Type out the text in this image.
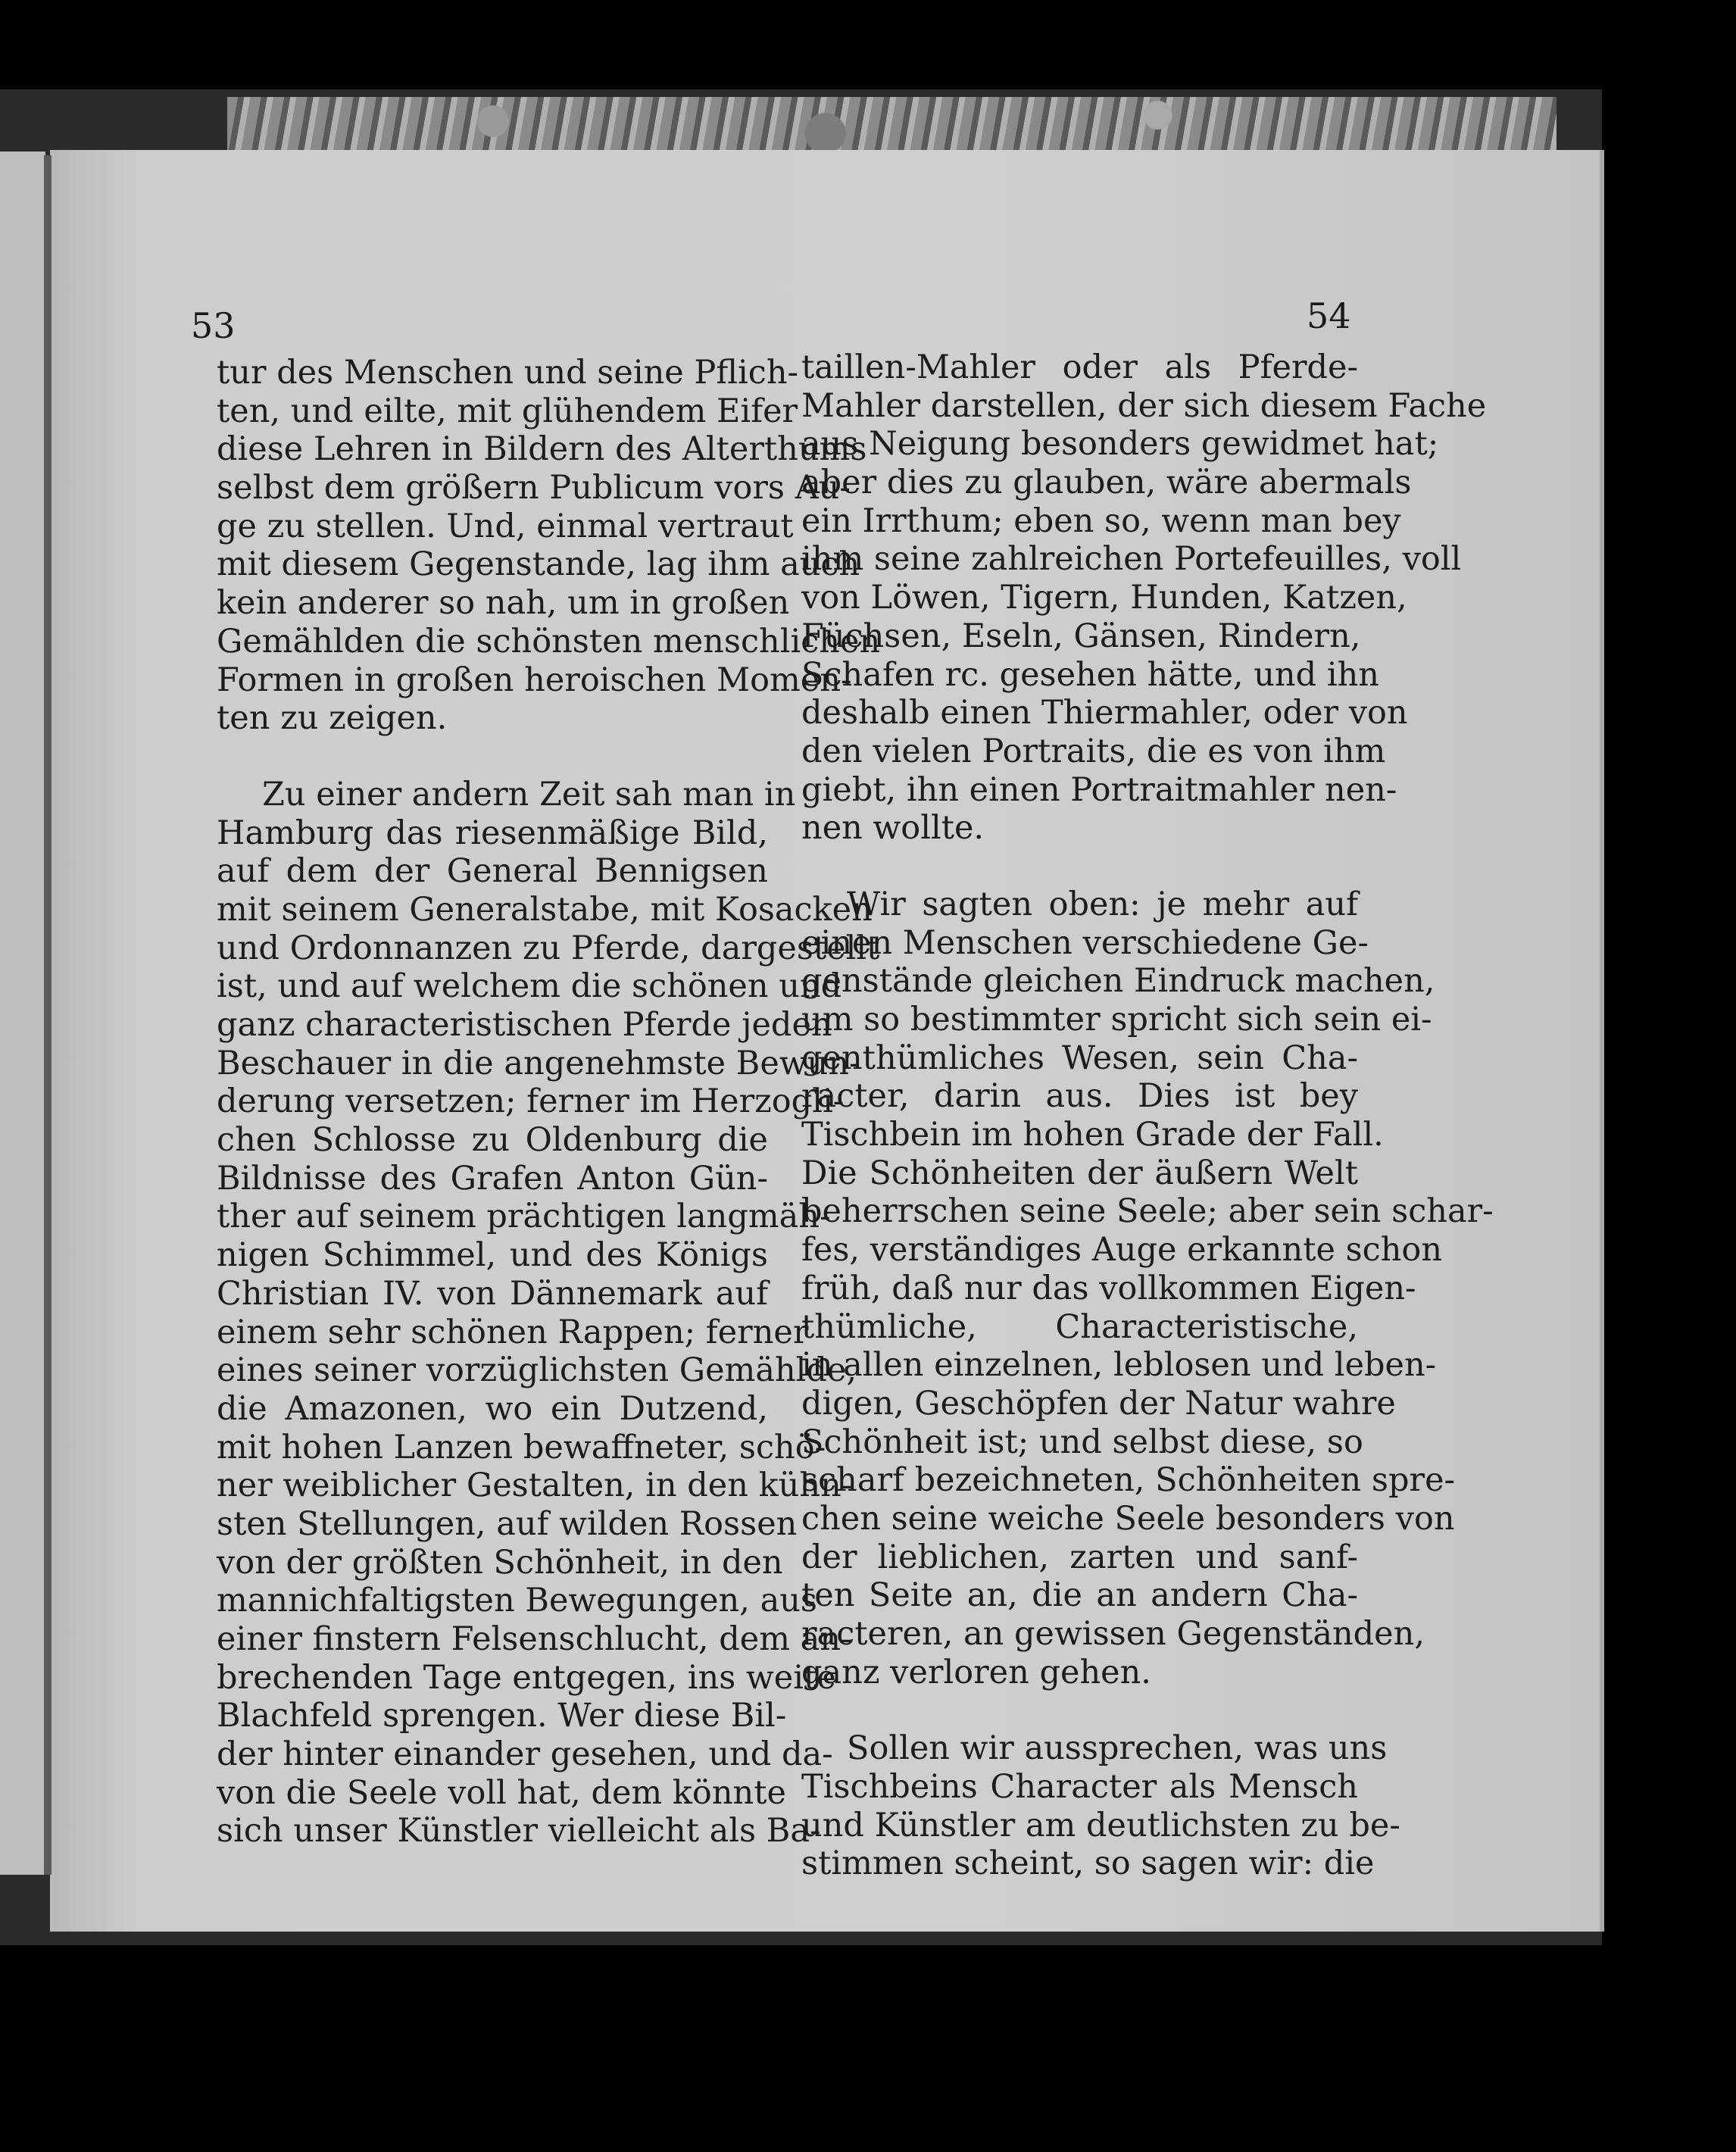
53	54
tur des Menschen und seine Pflich-
ten, und eilte, mit glühendem Eifer
diese Lehren in Bildern des Alterthums
selbst dem größern Publicum vors Au-
ge zu stellen. Und, einmal vertraut
mit diesem Gegenstande, lag ihm auch
kein anderer so nah, um in großen
Gemählden die schönsten menschlichen
Formen in großen heroischen Momen-
ten zu zeigen.
Zu einer andern Zeit sah man in
Hamburg das riesenmäßige Bild,
auf dem der General Bennigsen
mit seinem Generalstabe, mit Kosacken
und Ordonnanzen zu Pferde, dargestellt
ist, und auf welchem die schönen und
ganz characteristischen Pferde jeden
Beschauer in die angenehmste Bewun-
derung versetzen; ferner im Herzogli-
chen Schlosse zu Oldenburg die
Bildnisse des Grafen Anton Gün-
ther auf seinem prächtigen langmäh-
nigen Schimmel, und des Königs
Christian IV. von Dännemark auf
einem sehr schönen Rappen; ferner
eines seiner vorzüglichsten Gemählde,
die Amazonen, wo ein Dutzend,
mit hohen Lanzen bewaffneter, schö-
ner weiblicher Gestalten, in den kühn-
sten Stellungen, auf wilden Rossen
von der größten Schönheit, in den
mannichfaltigsten Bewegungen, aus
einer finstern Felsenschlucht, dem an-
brechenden Tage entgegen, ins weite
Blachfeld sprengen. Wer diese Bil-
der hinter einander gesehen, und da-
von die Seele voll hat, dem könnte
sich unser Künstler vielleicht als Ba-
taillen-Mahler oder als Pferde-
Mahler darstellen, der sich diesem Fache
aus Neigung besonders gewidmet hat;
aber dies zu glauben, wäre abermals
ein Irrthum; eben so, wenn man bey
ihm seine zahlreichen Portefeuilles, voll
von Löwen, Tigern, Hunden, Katzen,
Füchsen, Eseln, Gänsen, Rindern,
Schafen rc. gesehen hätte, und ihn
deshalb einen Thiermahler, oder von
den vielen Portraits, die es von ihm
giebt, ihn einen Portraitmahler nen-
nen wollte.
Wir sagten oben: je mehr auf
einen Menschen verschiedene Ge-
genstände gleichen Eindruck machen,
um so bestimmter spricht sich sein ei-
genthümliches Wesen, sein Cha-
racter, darin aus. Dies ist bey
Tischbein im hohen Grade der Fall.
Die Schönheiten der äußern Welt
beherrschen seine Seele; aber sein schar-
fes, verständiges Auge erkannte schon
früh, daß nur das vollkommen Eigen-
thümliche, Characteristische,
in allen einzelnen, leblosen und leben-
digen, Geschöpfen der Natur wahre
Schönheit ist; und selbst diese, so
scharf bezeichneten, Schönheiten spre-
chen seine weiche Seele besonders von
der lieblichen, zarten und sanf-
ten Seite an, die an andern Cha-
racteren, an gewissen Gegenständen,
ganz verloren gehen.
Sollen wir aussprechen, was uns
Tischbeins Character als Mensch
und Künstler am deutlichsten zu be-
stimmen scheint, so sagen wir: die
